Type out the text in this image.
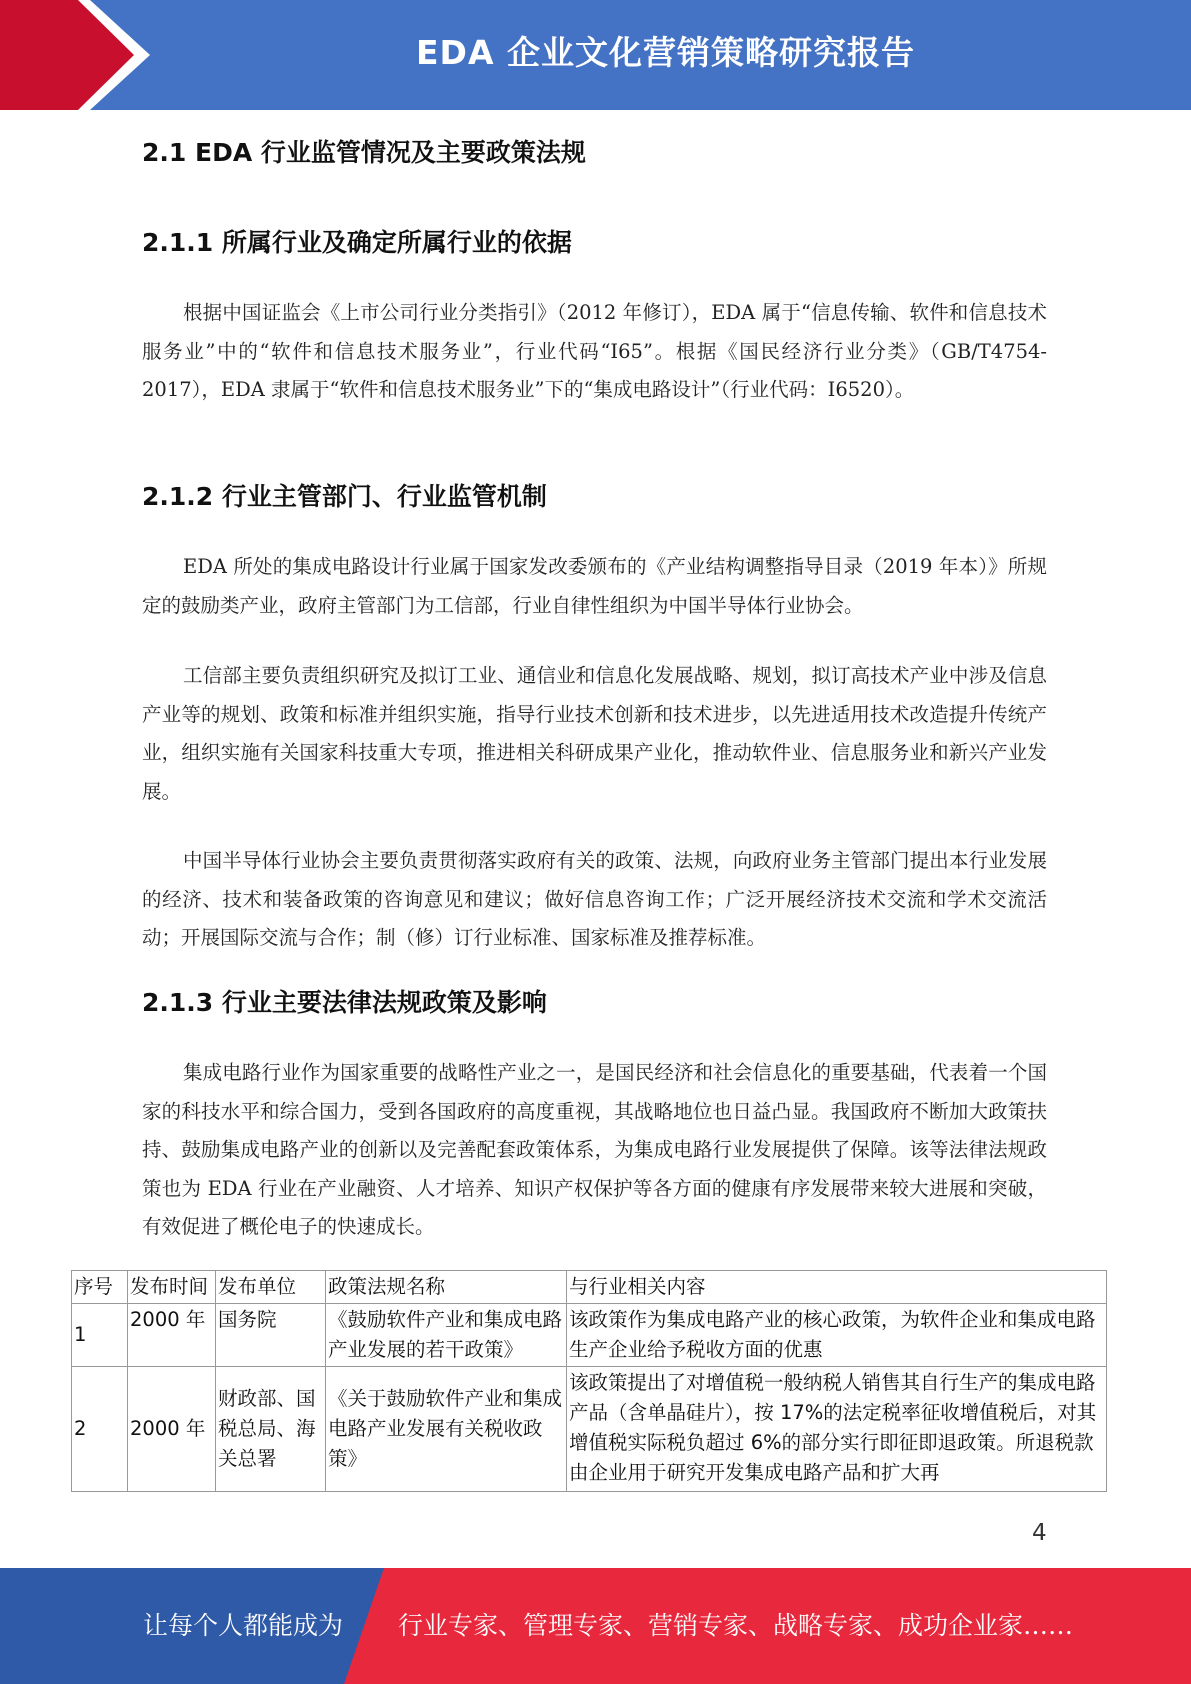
EDA 企业文化营销策略研究报告
2.1 EDA 行业监管情况及主要政策法规
2.1.1 所属行业及确定所属行业的依据
根据中国证监会《上市公司行业分类指引》（2012 年修订），EDA 属于“信息传输、软件和信息技术服务业”中的“软件和信息技术服务业”，行业代码“I65”。根据《国民经济行业分类》（GB/T4754-2017），EDA 隶属于“软件和信息技术服务业”下的“集成电路设计”（行业代码：I6520）。
2.1.2 行业主管部门、行业监管机制
EDA 所处的集成电路设计行业属于国家发改委颁布的《产业结构调整指导目录（2019 年本）》所规定的鼓励类产业，政府主管部门为工信部，行业自律性组织为中国半导体行业协会。
工信部主要负责组织研究及拟订工业、通信业和信息化发展战略、规划，拟订高技术产业中涉及信息产业等的规划、政策和标准并组织实施，指导行业技术创新和技术进步，以先进适用技术改造提升传统产业，组织实施有关国家科技重大专项，推进相关科研成果产业化，推动软件业、信息服务业和新兴产业发展。
中国半导体行业协会主要负责贯彻落实政府有关的政策、法规，向政府业务主管部门提出本行业发展的经济、技术和装备政策的咨询意见和建议；做好信息咨询工作；广泛开展经济技术交流和学术交流活动；开展国际交流与合作；制（修）订行业标准、国家标准及推荐标准。
2.1.3 行业主要法律法规政策及影响
集成电路行业作为国家重要的战略性产业之一，是国民经济和社会信息化的重要基础，代表着一个国家的科技水平和综合国力，受到各国政府的高度重视，其战略地位也日益凸显。我国政府不断加大政策扶持、鼓励集成电路产业的创新以及完善配套政策体系，为集成电路行业发展提供了保障。该等法律法规政策也为 EDA 行业在产业融资、人才培养、知识产权保护等各方面的健康有序发展带来较大进展和突破，有效促进了概伦电子的快速成长。
序号	发布时间	发布单位	政策法规名称	与行业相关内容
1	2000 年	国务院	《鼓励软件产业和集成电路产业发展的若干政策》	该政策作为集成电路产业的核心政策，为软件企业和集成电路生产企业给予税收方面的优惠
2	2000 年	财政部、国税总局、海关总署	《关于鼓励软件产业和集成电路产业发展有关税收政策》	该政策提出了对增值税一般纳税人销售其自行生产的集成电路产品（含单晶硅片），按 17%的法定税率征收增值税后，对其增值税实际税负超过 6%的部分实行即征即退政策。所退税款由企业用于研究开发集成电路产品和扩大再
4
让每个人都能成为 行业专家、管理专家、营销专家、战略专家、成功企业家……
